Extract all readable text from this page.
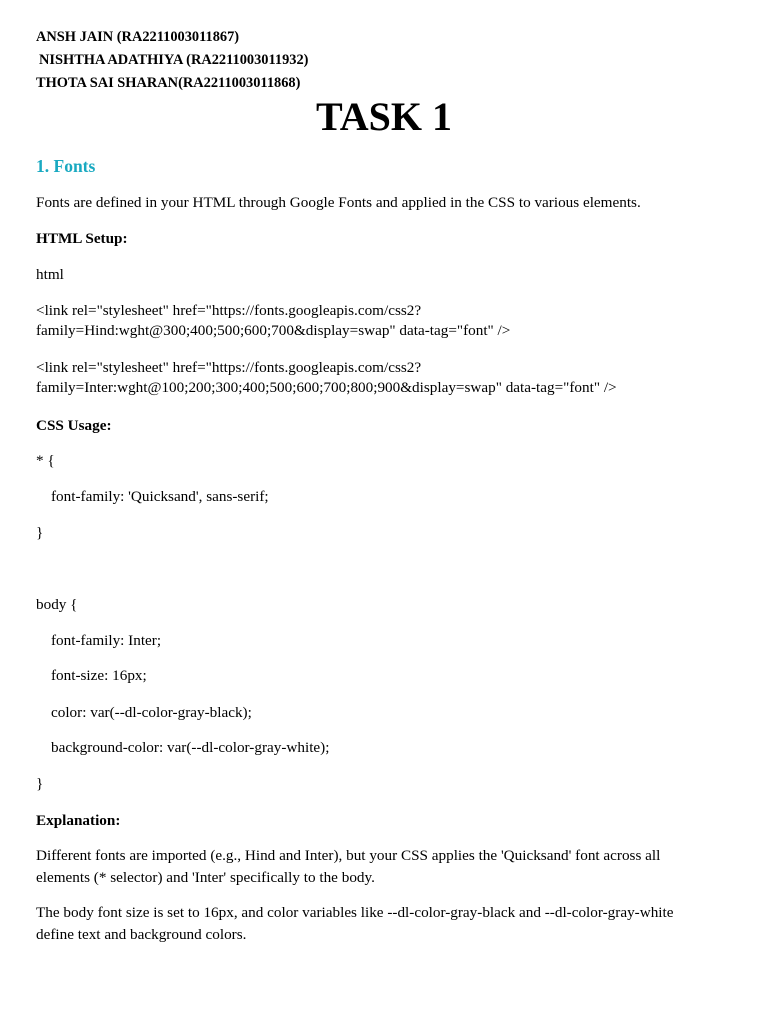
ANSH JAIN (RA2211003011867)

NISHTHA ADATHIYA (RA2211003011932)

THOTA SAI SHARAN(RA2211003011868)

TASK 1
1. Fonts

Fonts are defined in your HTML through Google Fonts and applied in the CSS to various elements.

HTML Setup:

html

<link rel="stylesheet" href="https://fonts.googleapis.com/css2?

family=Hind:wght@300;400;500;600;700&display=swap" data-tag="font" />

<link rel="stylesheet" href="https://fonts.googleapis.com/css2?

family=Inter:wght@100;200;300;400;500;600;700;800;900&display=swap" data-tag="font" />

CSS Usage:

* {

font-family: 'Quicksand', sans-serif;

}

body {

font-family: Inter;

font-size: 16px;

color: var(--dl-color-gray-black);

background-color: var(--dl-color-gray-white);

}

Explanation:

Different fonts are imported (e.g., Hind and Inter), but your CSS applies the 'Quicksand' font across all

elements (* selector) and 'Inter' specifically to the body.

The body font size is set to 16px, and color variables like --dl-color-gray-black and --dl-color-gray-white

define text and background colors.
